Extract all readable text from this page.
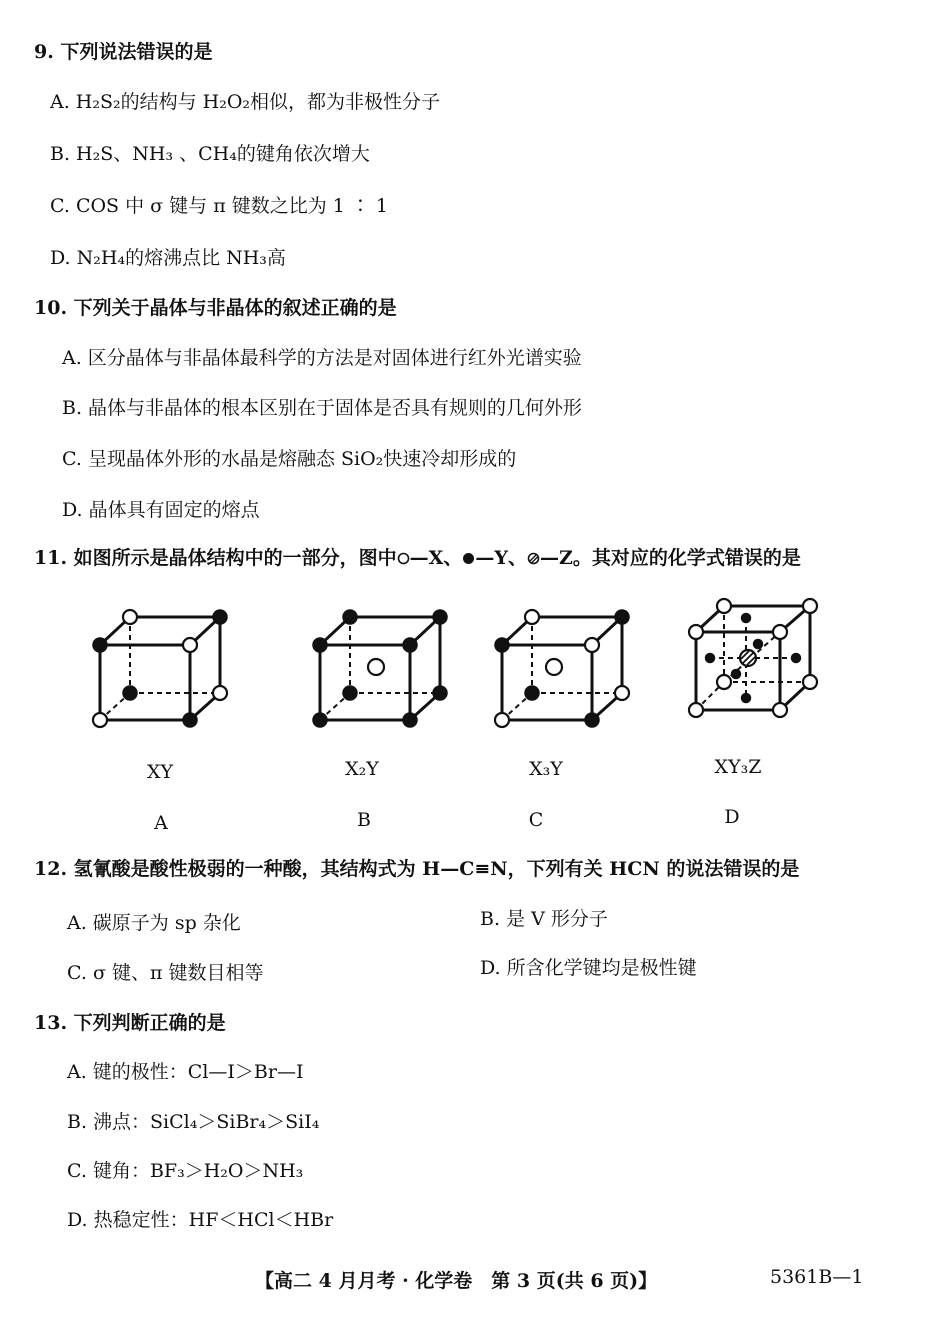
9. 下列说法错误的是
A. H₂S₂的结构与 H₂O₂相似，都为非极性分子
B. H₂S、NH₃ 、CH₄的键角依次增大
C. COS 中 σ 键与 π 键数之比为 1 ∶ 1
D. N₂H₄的熔沸点比 NH₃高
10. 下列关于晶体与非晶体的叙述正确的是
A. 区分晶体与非晶体最科学的方法是对固体进行红外光谱实验
B. 晶体与非晶体的根本区别在于固体是否具有规则的几何外形
C. 呈现晶体外形的水晶是熔融态 SiO₂快速冷却形成的
D. 晶体具有固定的熔点
11. 如图所示是晶体结构中的一部分，图中 —X、 —Y、 —Z。其对应的化学式错误的是
XY	X₂Y	X₃Y	XY₃Z
A	B	C	D
12. 氢氰酸是酸性极弱的一种酸，其结构式为 H—C≡N，下列有关 HCN 的说法错误的是
A. 碳原子为 sp 杂化	B. 是 V 形分子
C. σ 键、π 键数目相等	D. 所含化学键均是极性键
13. 下列判断正确的是
A. 键的极性：Cl—I＞Br—I
B. 沸点：SiCl₄＞SiBr₄＞SiI₄
C. 键角：BF₃＞H₂O＞NH₃
D. 热稳定性：HF＜HCl＜HBr
【高二 4 月月考 · 化学卷　第 3 页(共 6 页)】	5361B—1
